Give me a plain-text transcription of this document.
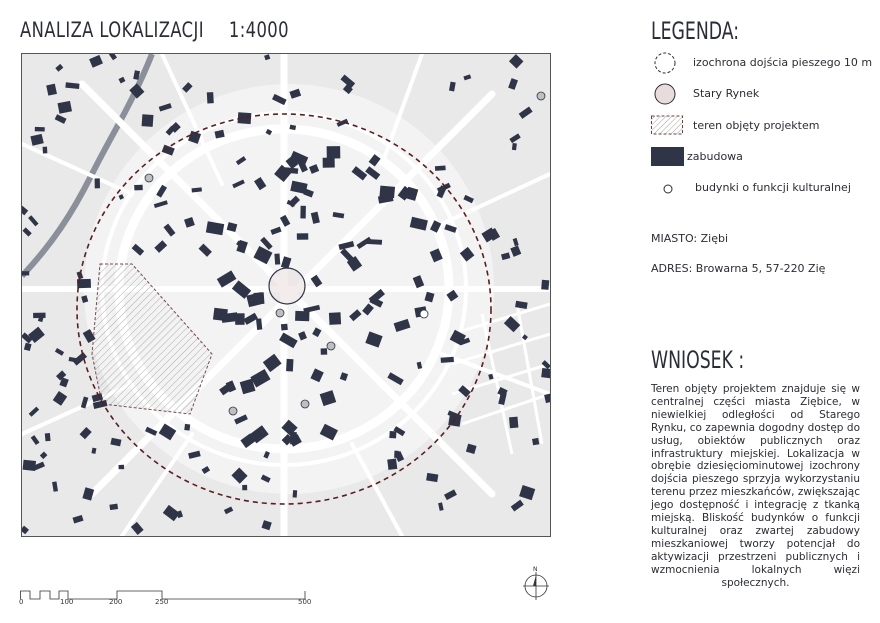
ANALIZA LOKALIZACJI 1:4000
0	100	200	250	500
N
LEGENDA:
izochrona dojścia pieszego 10 m
Stary Rynek
teren objęty projektem
zabudowa
budynki o funkcji kulturalnej
MIASTO: Ziębi
ADRES: Browarna 5, 57-220 Zię
WNIOSEK :
Teren objęty projektem znajduje się w centralnej części miasta Ziębice, w niewielkiej odległości od Starego Rynku, co zapewnia dogodny dostęp do usług, obiektów publicznych oraz infrastruktury miejskiej. Lokalizacja w obrębie dziesięciominutowej izochrony dojścia pieszego sprzyja wykorzystaniu terenu przez mieszkańców, zwiększając jego dostępność i integrację z tkanką miejską. Bliskość budynków o funkcji kulturalnej oraz zwartej zabudowy mieszkaniowej tworzy potencjał do aktywizacji przestrzeni publicznych i wzmocnienia lokalnych więzi społecznych.
